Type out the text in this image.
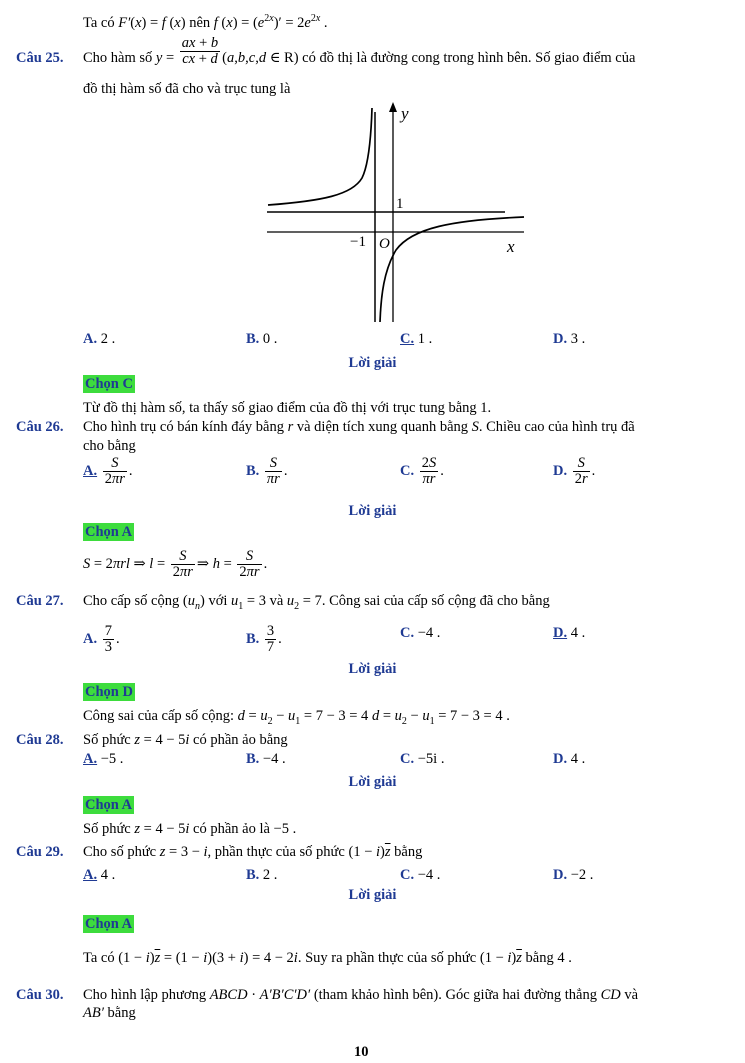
Ta có F′(x) = f (x) nên f $(x) = (e^{2x})' = 2e^{2x}$ .
Câu 25. Cho hàm số $y = \frac{ax + b}{cx + d} (a,b,c,d$ ∈ R) có đồ thị là đường cong trong hình bên. Số giao điểm của
đồ thị hàm số đã cho và trục tung là
y
x
1
−1 O
A. 2 .	B. 0 .	C. 1 .	D. 3 .
Lời giải
Chọn C
Từ đồ thị hàm số, ta thấy số giao điểm của đồ thị với trục tung bằng 1.
Câu 26. Cho hình trụ có bán kính đáy bằng r và diện tích xung quanh bằng S. Chiều cao của hình trụ đã
cho bằng
A. $\frac{S}{2\pi r}$ .	B. $\frac{S}{\pi r}$ .	C. $\frac{2S}{\pi r}$ .	D. $\frac{S}{2r}$ .
Lời giải
Chọn A
S = 2πrl ⇒ $l = \frac{S}{2\pi r}$ ⇒ $h = \frac{S}{2\pi r}$ .
Câu 27. Cho cấp số cộng $(u_n)$ với $u_1 = 3$ và $u_2 = 7$. Công sai của cấp số cộng đã cho bằng
A. $\frac{7}{3}$ .	B. $\frac{3}{7}$ .	C. −4 .	D. 4 .
Lời giải
Chọn D
Công sai của cấp số cộng: $d = u_2 - u_1 = 7 - 3 = 4$ $d = u_2 - u_1 = 7 - 3 = 4$ .
Câu 28. Số phức z = 4 − 5i có phần ảo bằng
A. −5 .	B. −4 .	C. −5i .	D. 4 .
Lời giải
Chọn A
Số phức z = 4 − 5i có phần ảo là −5 .
Câu 29. Cho số phức z = 3 − i, phần thực của số phức $(1 - i)\overline{z}$ bằng
A. 4 .	B. 2 .	C. −4 .	D. −2 .
Lời giải
Chọn A
Ta có $(1 - i)\overline{z} = (1 - i)(3 + i) = 4 - 2i$. Suy ra phần thực của số phức $(1 - i)\overline{z}$ bằng 4 .
Câu 30. Cho hình lập phương ABCD · A′B′C′D′ (tham khảo hình bên). Góc giữa hai đường thẳng CD và
AB′ bằng
10
